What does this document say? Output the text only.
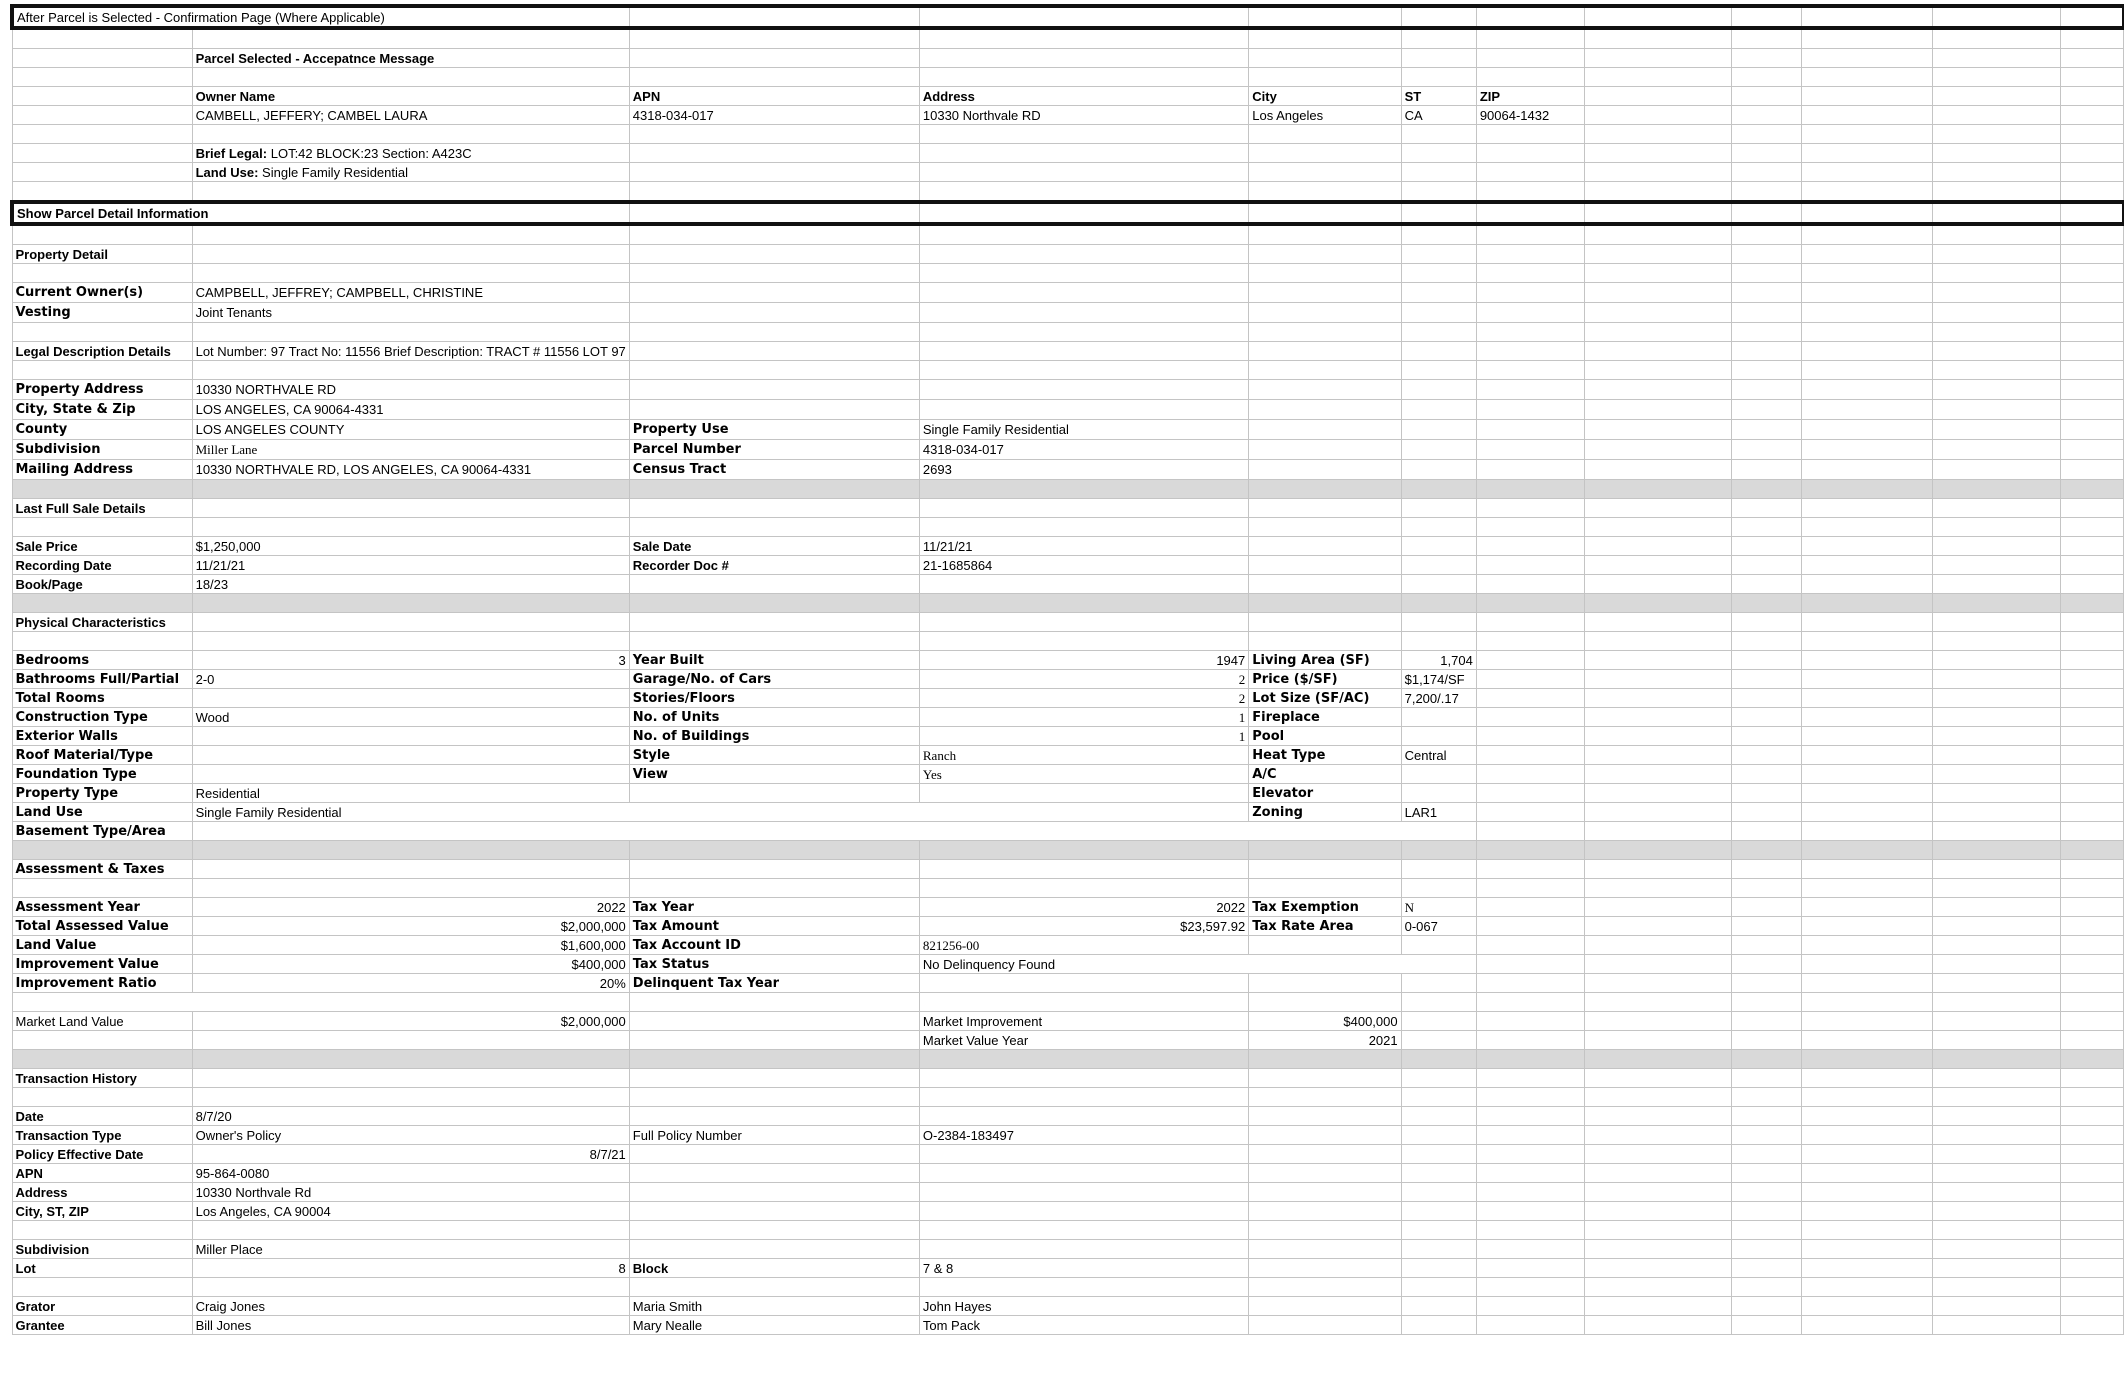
After Parcel is Selected - Confirmation Page (Where Applicable)											

	Parcel Selected - Accepatnce Message										

	Owner Name	APN	Address	City	ST	ZIP					
	CAMBELL, JEFFERY; CAMBEL LAURA	4318-034-017	10330 Northvale RD	Los Angeles	CA	90064-1432					

	Brief Legal: LOT:42 BLOCK:23 Section: A423C										
	Land Use: Single Family Residential										

Show Parcel Detail Information											

Property Detail											

Current Owner(s)	CAMPBELL, JEFFREY; CAMPBELL, CHRISTINE										
Vesting	Joint Tenants										

Legal Description Details	Lot Number: 97 Tract No: 11556 Brief Description: TRACT # 11556 LOT 97										

Property Address	10330 NORTHVALE RD										
City, State & Zip	LOS ANGELES, CA 90064-4331										
County	LOS ANGELES COUNTY	Property Use	Single Family Residential								
Subdivision	Miller Lane	Parcel Number	4318-034-017								
Mailing Address	10330 NORTHVALE RD, LOS ANGELES, CA 90064-4331	Census Tract	2693								

Last Full Sale Details											

Sale Price	$1,250,000	Sale Date	11/21/21								
Recording Date	11/21/21	Recorder Doc #	21-1685864								
Book/Page	18/23										

Physical Characteristics											

Bedrooms	3	Year Built	1947	Living Area (SF)	1,704						
Bathrooms Full/Partial	2-0	Garage/No. of Cars	2	Price ($/SF)	$1,174/SF						
Total Rooms		Stories/Floors	2	Lot Size (SF/AC)	7,200/.17						
Construction Type	Wood	No. of Units	1	Fireplace							
Exterior Walls		No. of Buildings	1	Pool							
Roof Material/Type		Style	Ranch	Heat Type	Central						
Foundation Type		View	Yes	A/C							
Property Type	Residential			Elevator							
Land Use	Single Family Residential			Zoning	LAR1						
Basement Type/Area											

Assessment & Taxes											

Assessment Year	2022	Tax Year	2022	Tax Exemption	N						
Total Assessed Value	$2,000,000	Tax Amount	$23,597.92	Tax Rate Area	0-067						
Land Value	$1,600,000	Tax Account ID	821256-00								
Improvement Value	$400,000	Tax Status	No Delinquency Found								
Improvement Ratio	20%	Delinquent Tax Year									

Market Land Value	$2,000,000		Market Improvement	$400,000							
			Market Value Year	2021							

Transaction History											

Date	8/7/20										
Transaction Type	Owner's Policy	Full Policy Number	O-2384-183497								
Policy Effective Date	8/7/21										
APN	95-864-0080										
Address	10330 Northvale Rd										
City, ST, ZIP	Los Angeles, CA 90004										

Subdivision	Miller Place										
Lot	8	Block	7 & 8								

Grator	Craig Jones	Maria Smith	John Hayes								
Grantee	Bill Jones	Mary Nealle	Tom Pack								
